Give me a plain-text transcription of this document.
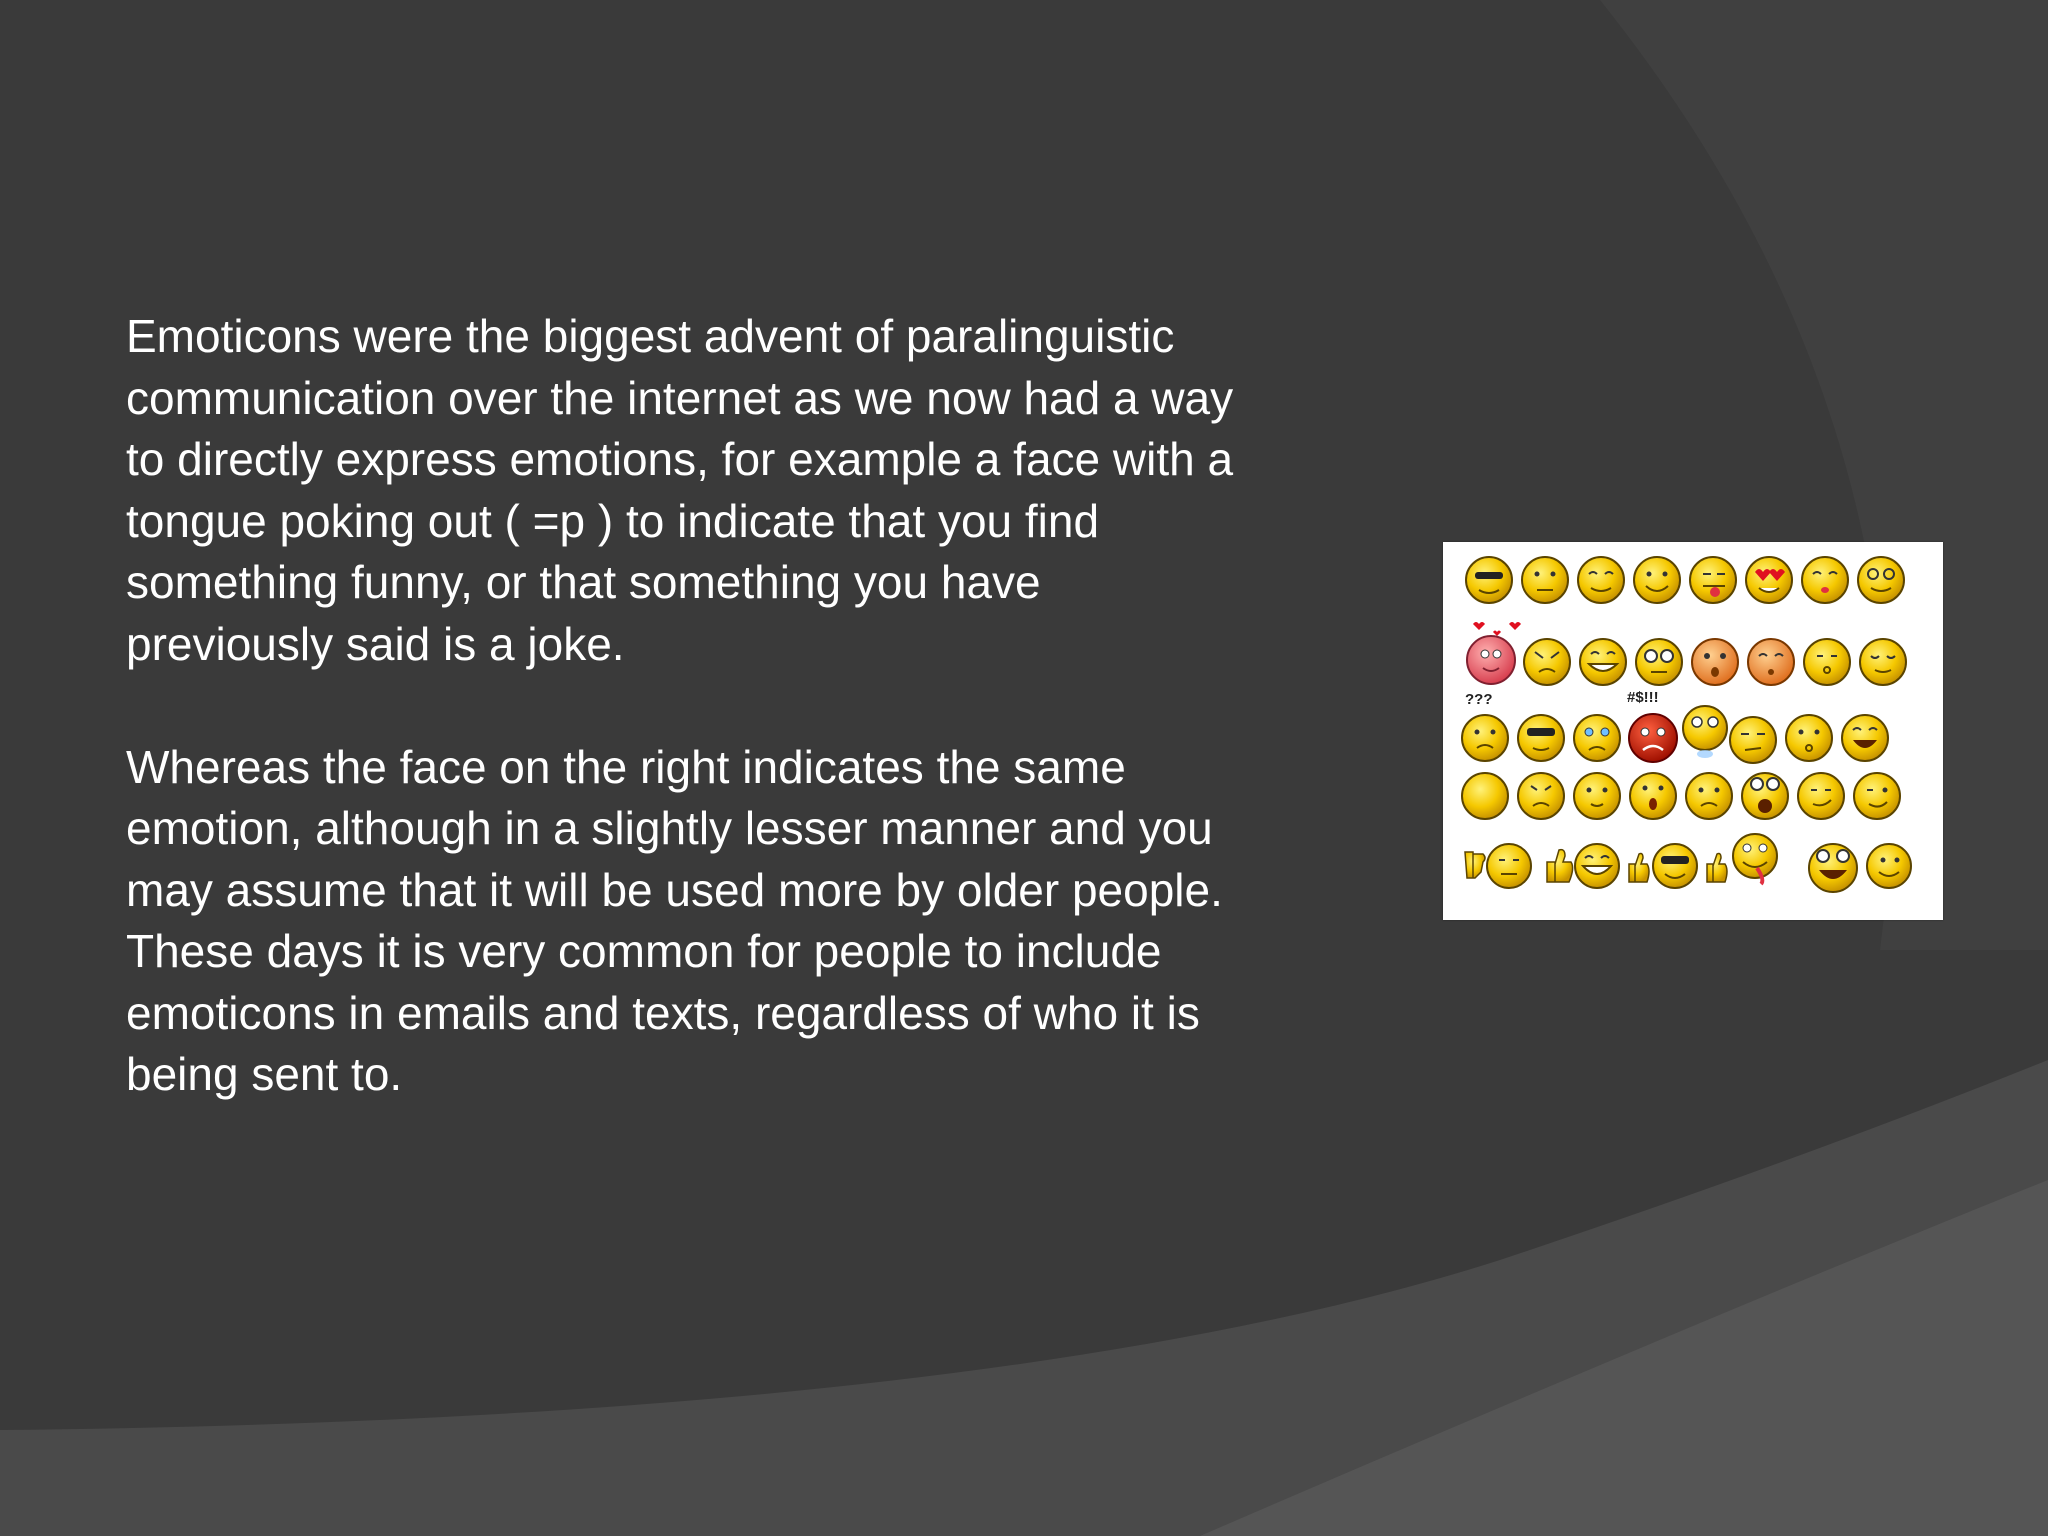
Emoticons were the biggest advent of paralinguistic
communication over the internet as we now had a way
to directly express emotions, for example a face with a
tongue poking out ( =p ) to indicate that you find
something funny, or that something you have
previously said is a joke.

Whereas the face on the right indicates the same
emotion, although in a slightly lesser manner and you
may assume that it will be used more by older people.
These days it is very common for people to include
emoticons in emails and texts, regardless of who it is
being sent to.

???	#$!!!
